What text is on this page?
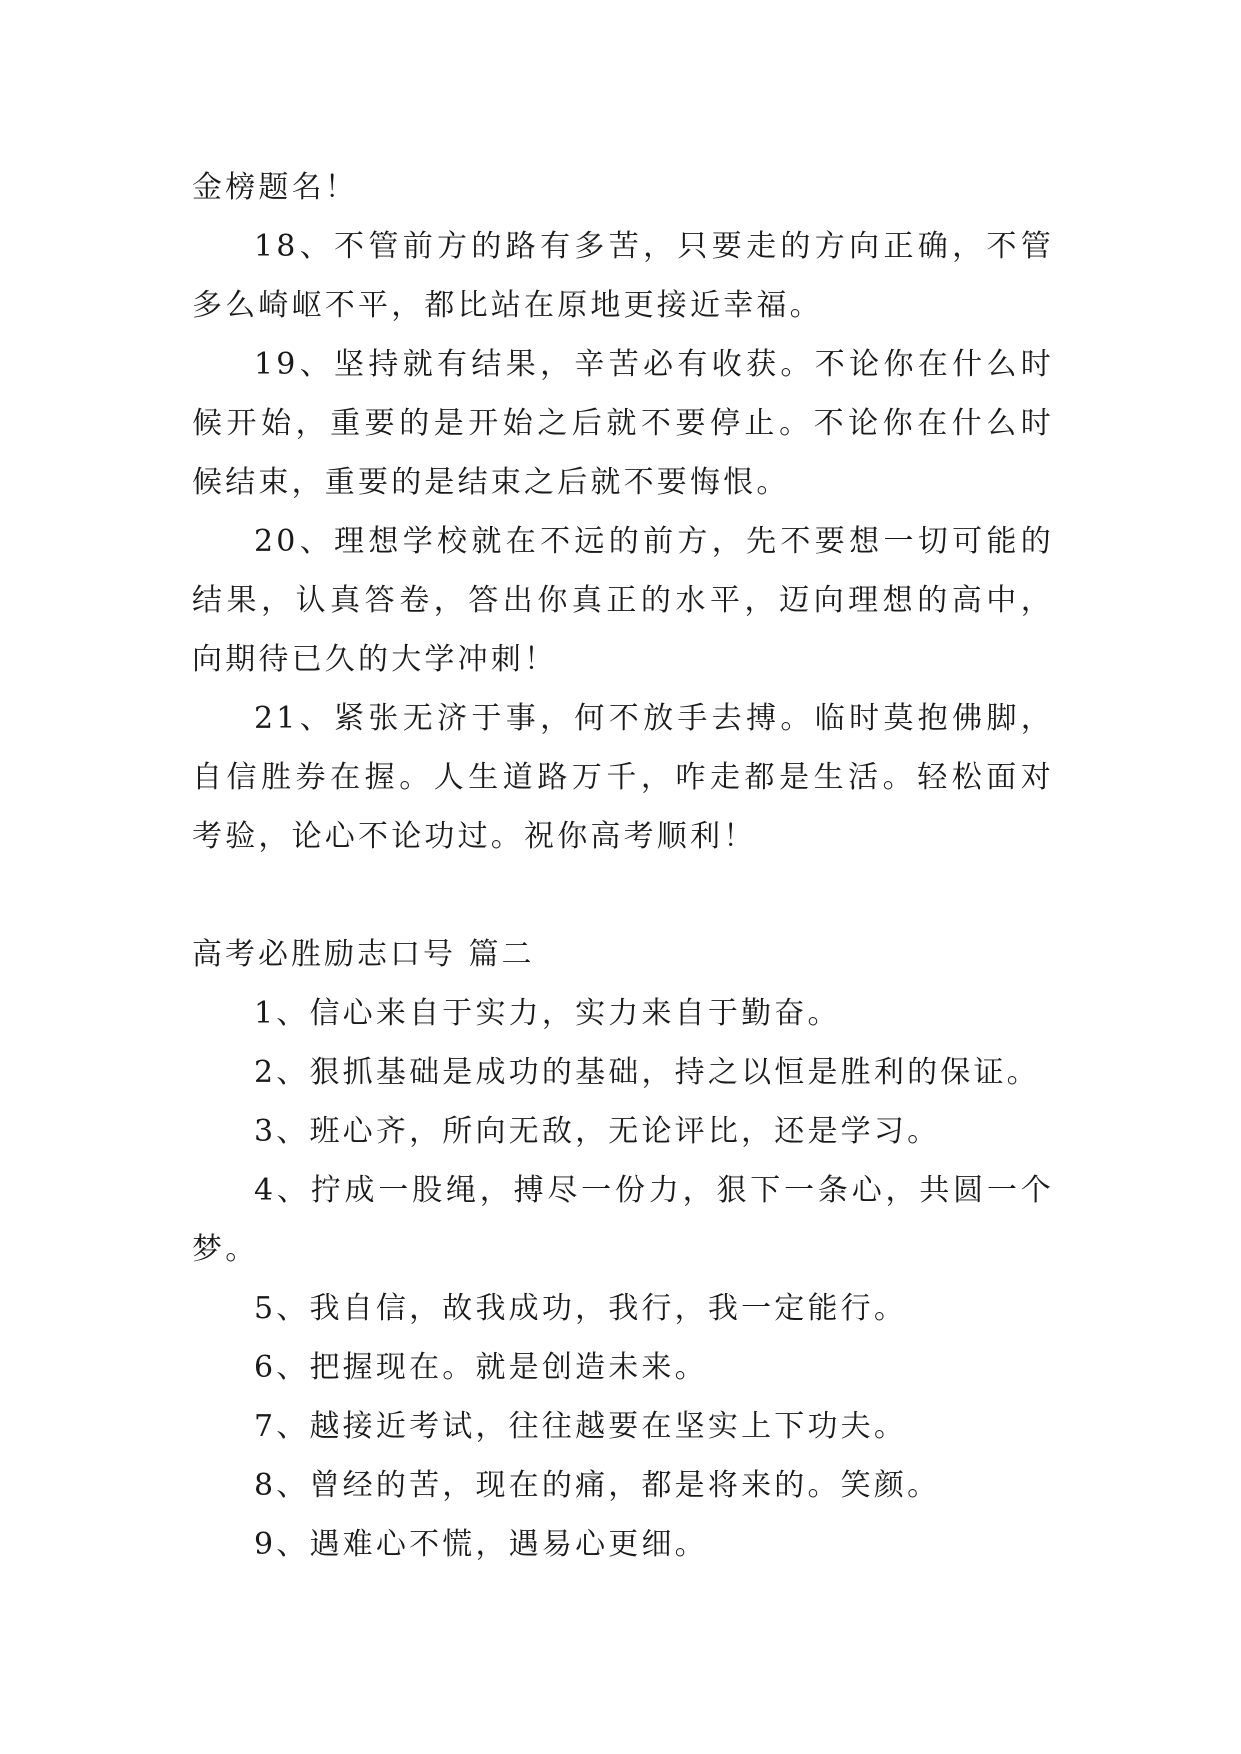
金榜题名！

18、不管前方的路有多苦，只要走的方向正确，不管多么崎岖不平，都比站在原地更接近幸福。

19、坚持就有结果，辛苦必有收获。不论你在什么时候开始，重要的是开始之后就不要停止。不论你在什么时候结束，重要的是结束之后就不要悔恨。

20、理想学校就在不远的前方，先不要想一切可能的结果，认真答卷，答出你真正的水平，迈向理想的高中，向期待已久的大学冲刺！

21、紧张无济于事，何不放手去搏。临时莫抱佛脚，自信胜券在握。人生道路万千，咋走都是生活。轻松面对考验，论心不论功过。祝你高考顺利！

高考必胜励志口号 篇二

1、信心来自于实力，实力来自于勤奋。

2、狠抓基础是成功的基础，持之以恒是胜利的保证。

3、班心齐，所向无敌，无论评比，还是学习。

4、拧成一股绳，搏尽一份力，狠下一条心，共圆一个梦。

5、我自信，故我成功，我行，我一定能行。

6、把握现在。就是创造未来。

7、越接近考试，往往越要在坚实上下功夫。

8、曾经的苦，现在的痛，都是将来的。笑颜。

9、遇难心不慌，遇易心更细。
